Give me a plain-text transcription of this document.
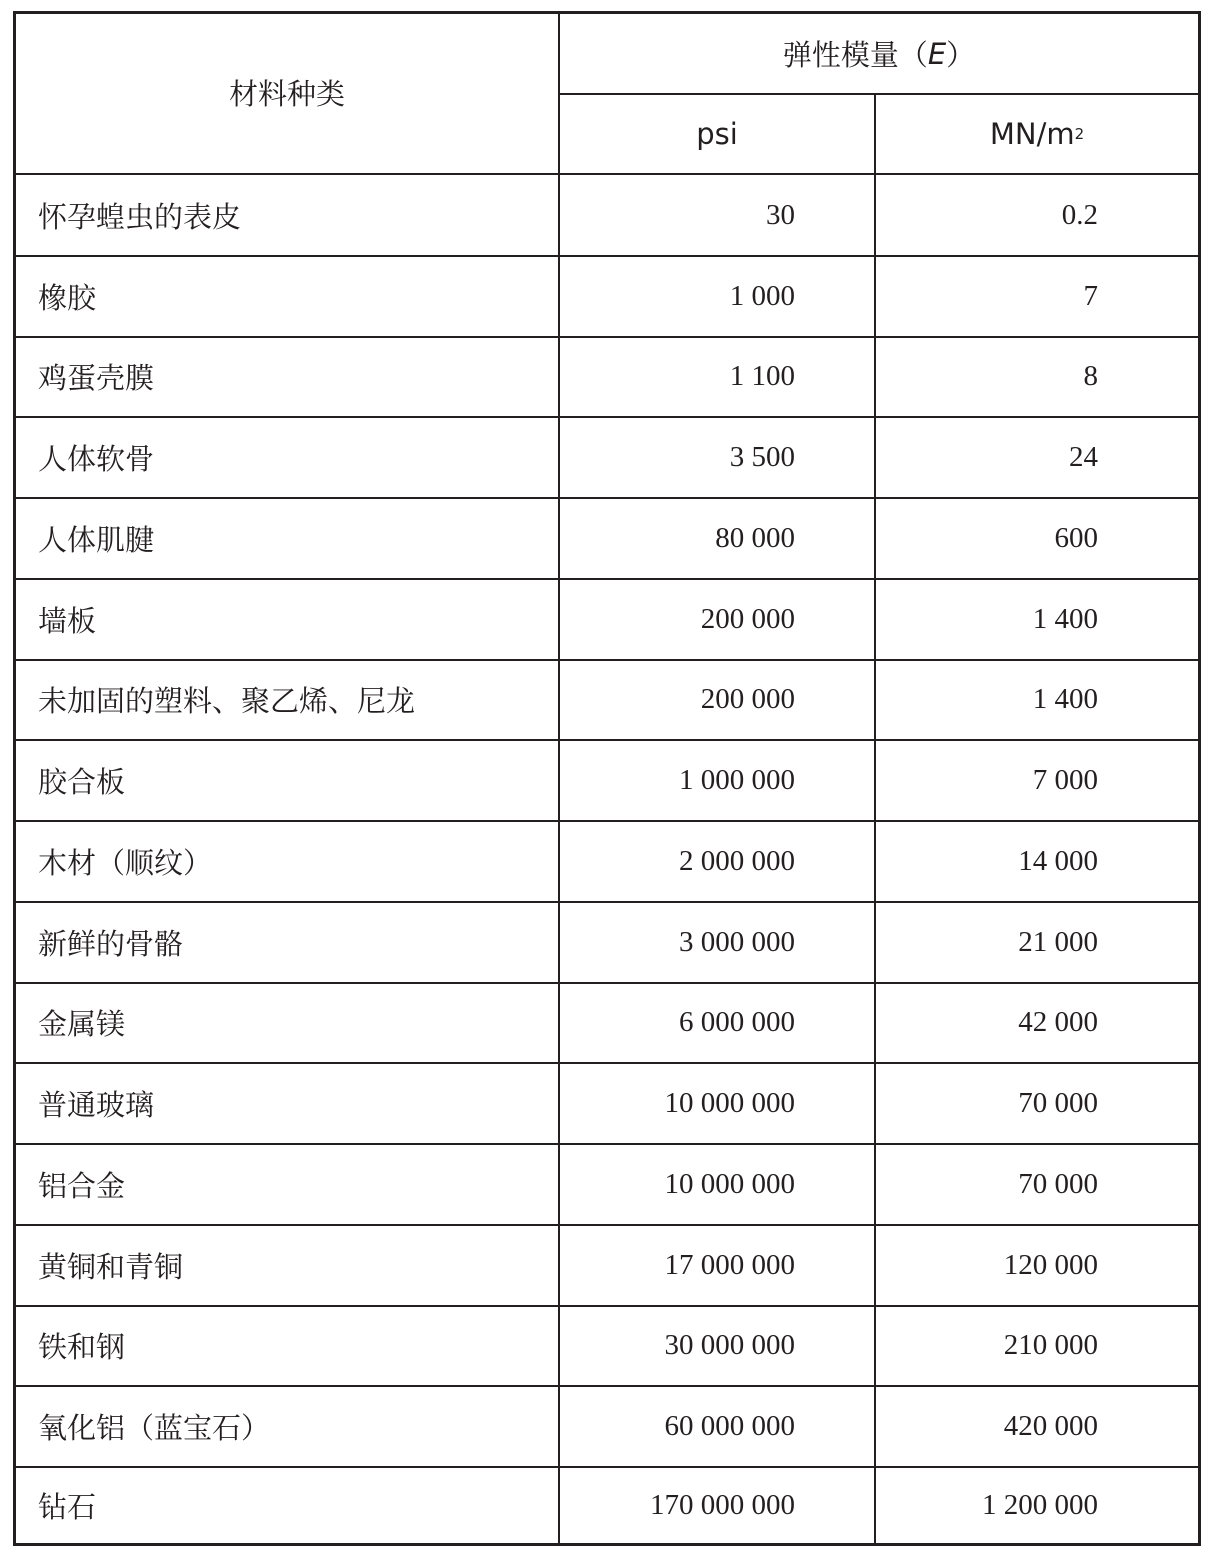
材料种类
弹性模量（ E ）
psi	MN/m 2
怀孕蝗虫的表皮	30	0.2
橡胶	1 000	7
鸡蛋壳膜	1 100	8
人体软骨	3 500	24
人体肌腱	80 000	600
墙板	200 000	1 400
未加固的塑料、聚乙烯、尼龙	200 000	1 400
胶合板	1 000 000	7 000
木材（顺纹）	2 000 000	14 000
新鲜的骨骼	3 000 000	21 000
金属镁	6 000 000	42 000
普通玻璃	10 000 000	70 000
铝合金	10 000 000	70 000
黄铜和青铜	17 000 000	120 000
铁和钢	30 000 000	210 000
氧化铝（蓝宝石）	60 000 000	420 000
钻石	170 000 000	1 200 000
